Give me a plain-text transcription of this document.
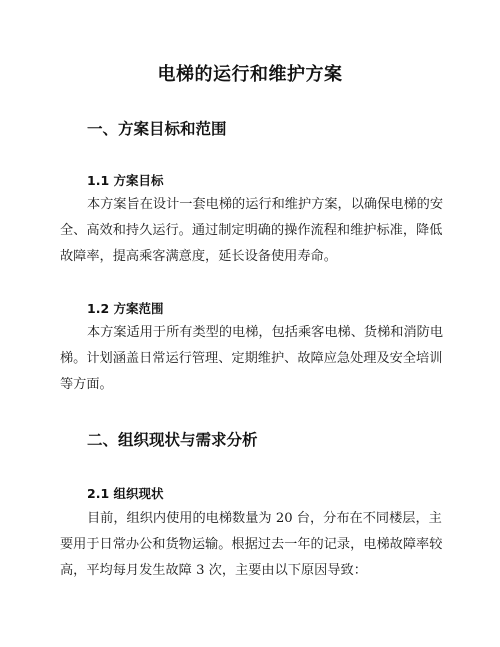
电梯的运行和维护方案
一、方案目标和范围
1.1 方案目标
本方案旨在设计一套电梯的运行和维护方案，以确保电梯的安
全、高效和持久运行。通过制定明确的操作流程和维护标准，降低
故障率，提高乘客满意度，延长设备使用寿命。
1.2 方案范围
本方案适用于所有类型的电梯，包括乘客电梯、货梯和消防电
梯。计划涵盖日常运行管理、定期维护、故障应急处理及安全培训
等方面。
二、组织现状与需求分析
2.1 组织现状
目前，组织内使用的电梯数量为 20 台，分布在不同楼层，主
要用于日常办公和货物运输。根据过去一年的记录，电梯故障率较
高，平均每月发生故障 3 次，主要由以下原因导致：
